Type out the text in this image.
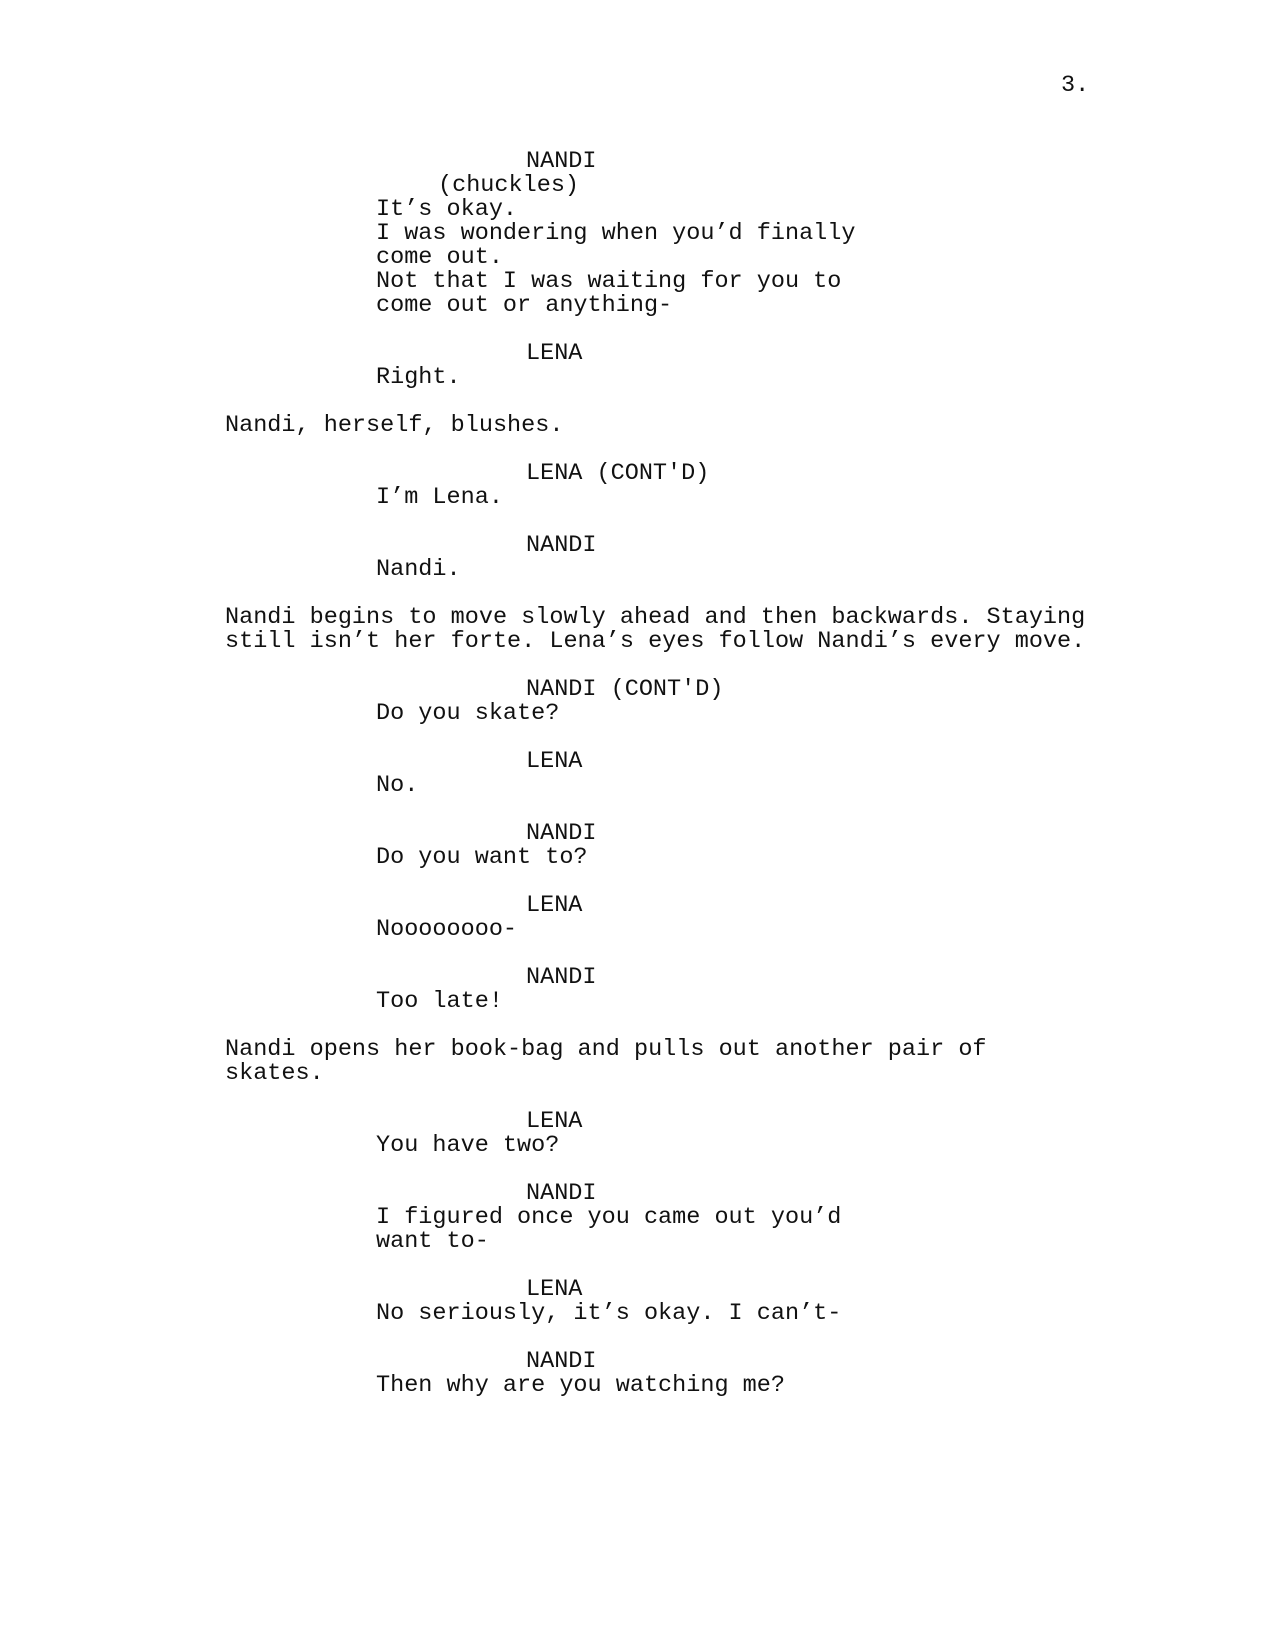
3.
NANDI
(chuckles)
It’s okay.
I was wondering when you’d finally
come out.
Not that I was waiting for you to
come out or anything-
LENA
Right.
Nandi, herself, blushes.
LENA (CONT'D)
I’m Lena.
NANDI
Nandi.
Nandi begins to move slowly ahead and then backwards. Staying
still isn’t her forte. Lena’s eyes follow Nandi’s every move.
NANDI (CONT'D)
Do you skate?
LENA
No.
NANDI
Do you want to?
LENA
Noooooooo-
NANDI
Too late!
Nandi opens her book-bag and pulls out another pair of
skates.
LENA
You have two?
NANDI
I figured once you came out you’d
want to-
LENA
No seriously, it’s okay. I can’t-
NANDI
Then why are you watching me?
